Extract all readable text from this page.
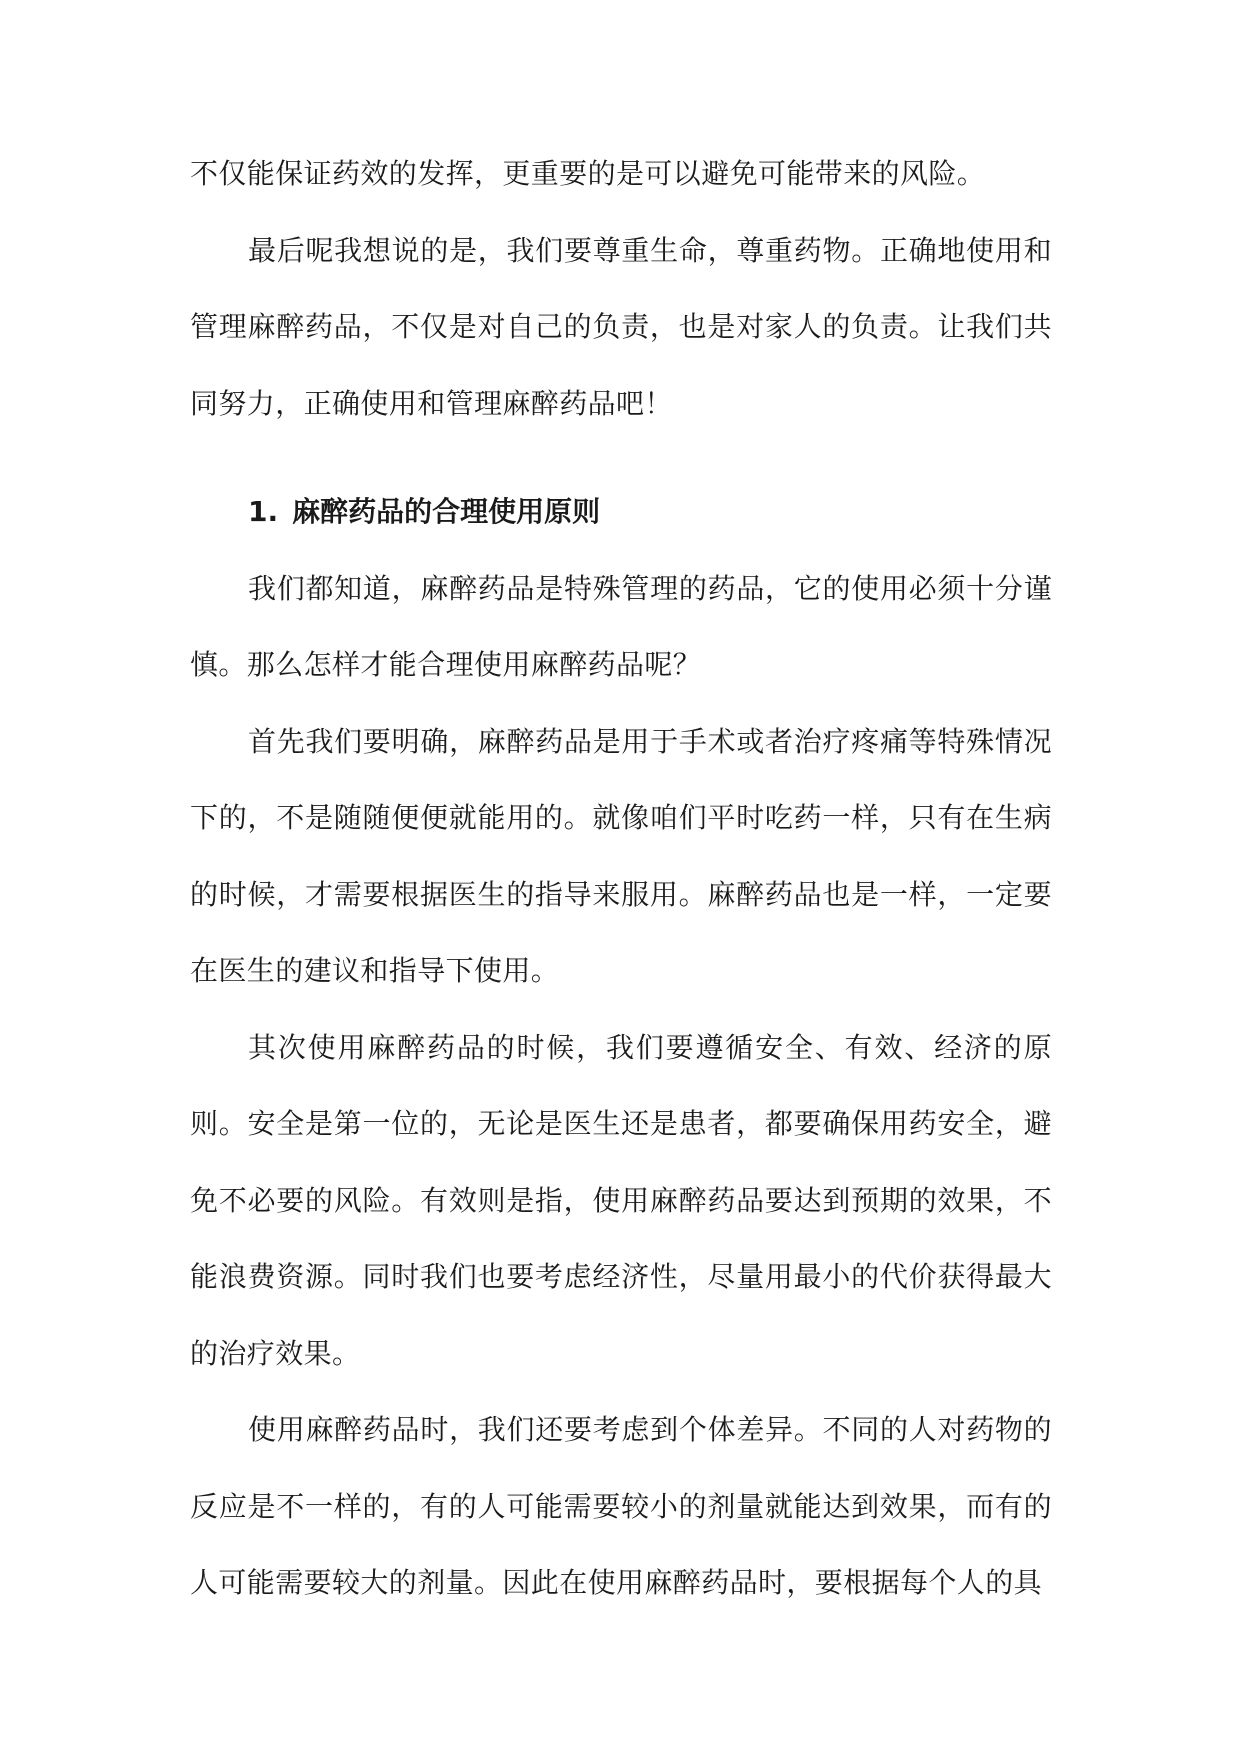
不仅能保证药效的发挥，更重要的是可以避免可能带来的风险。

最后呢我想说的是，我们要尊重生命，尊重药物。正确地使用和管理麻醉药品，不仅是对自己的负责，也是对家人的负责。让我们共同努力，正确使用和管理麻醉药品吧！

1. 麻醉药品的合理使用原则

我们都知道，麻醉药品是特殊管理的药品，它的使用必须十分谨慎。那么怎样才能合理使用麻醉药品呢？

首先我们要明确，麻醉药品是用于手术或者治疗疼痛等特殊情况下的，不是随随便便就能用的。就像咱们平时吃药一样，只有在生病的时候，才需要根据医生的指导来服用。麻醉药品也是一样，一定要在医生的建议和指导下使用。

其次使用麻醉药品的时候，我们要遵循安全、有效、经济的原则。安全是第一位的，无论是医生还是患者，都要确保用药安全，避免不必要的风险。有效则是指，使用麻醉药品要达到预期的效果，不能浪费资源。同时我们也要考虑经济性，尽量用最小的代价获得最大的治疗效果。

使用麻醉药品时，我们还要考虑到个体差异。不同的人对药物的反应是不一样的，有的人可能需要较小的剂量就能达到效果，而有的人可能需要较大的剂量。因此在使用麻醉药品时，要根据每个人的具
